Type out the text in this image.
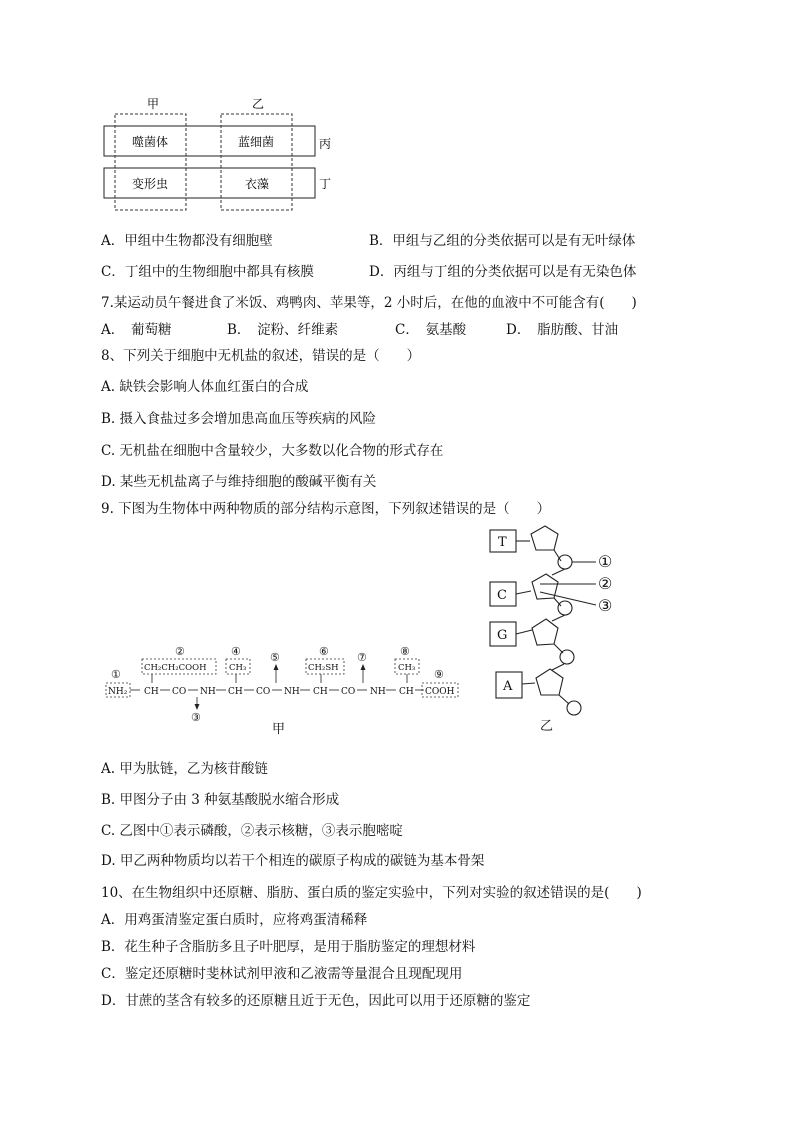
甲	乙
噬菌体	蓝细菌
变形虫	衣藻
丙
丁
A．甲组中生物都没有细胞壁	B．甲组与乙组的分类依据可以是有无叶绿体
C．丁组中的生物细胞中都具有核膜	D．丙组与丁组的分类依据可以是有无染色体
7.某运动员午餐进食了米饭、鸡鸭肉、苹果等，2 小时后，在他的血液中不可能含有(　　)
A．　葡萄糖	B．　淀粉、纤维素	C．　氨基酸	D．　脂肪酸、甘油
8、下列关于细胞中无机盐的叙述，错误的是（　　）
A. 缺铁会影响人体血红蛋白的合成
B. 摄入食盐过多会增加患高血压等疾病的风险
C. 无机盐在细胞中含量较少，大多数以化合物的形式存在
D. 某些无机盐离子与维持细胞的酸碱平衡有关
9. 下图为生物体中两种物质的部分结构示意图，下列叙述错误的是（　　）
NH₂ CH CO NH CH CO NH CH CO NH CH COOH
CH₂CH₂COOH	CH₃	CH₂SH	CH₃
①
②
③
④	⑤	⑥	⑦	⑧
⑨
甲
T
C
G
A
①
②
③
乙
A. 甲为肽链，乙为核苷酸链
B. 甲图分子由 3 种氨基酸脱水缩合形成
C. 乙图中①表示磷酸，②表示核糖，③表示胞嘧啶
D. 甲乙两种物质均以若干个相连的碳原子构成的碳链为基本骨架
10、在生物组织中还原糖、脂肪、蛋白质的鉴定实验中，下列对实验的叙述错误的是(　　)
A．用鸡蛋清鉴定蛋白质时，应将鸡蛋清稀释
B．花生种子含脂肪多且子叶肥厚，是用于脂肪鉴定的理想材料
C．鉴定还原糖时斐林试剂甲液和乙液需等量混合且现配现用
D．甘蔗的茎含有较多的还原糖且近于无色，因此可以用于还原糖的鉴定
